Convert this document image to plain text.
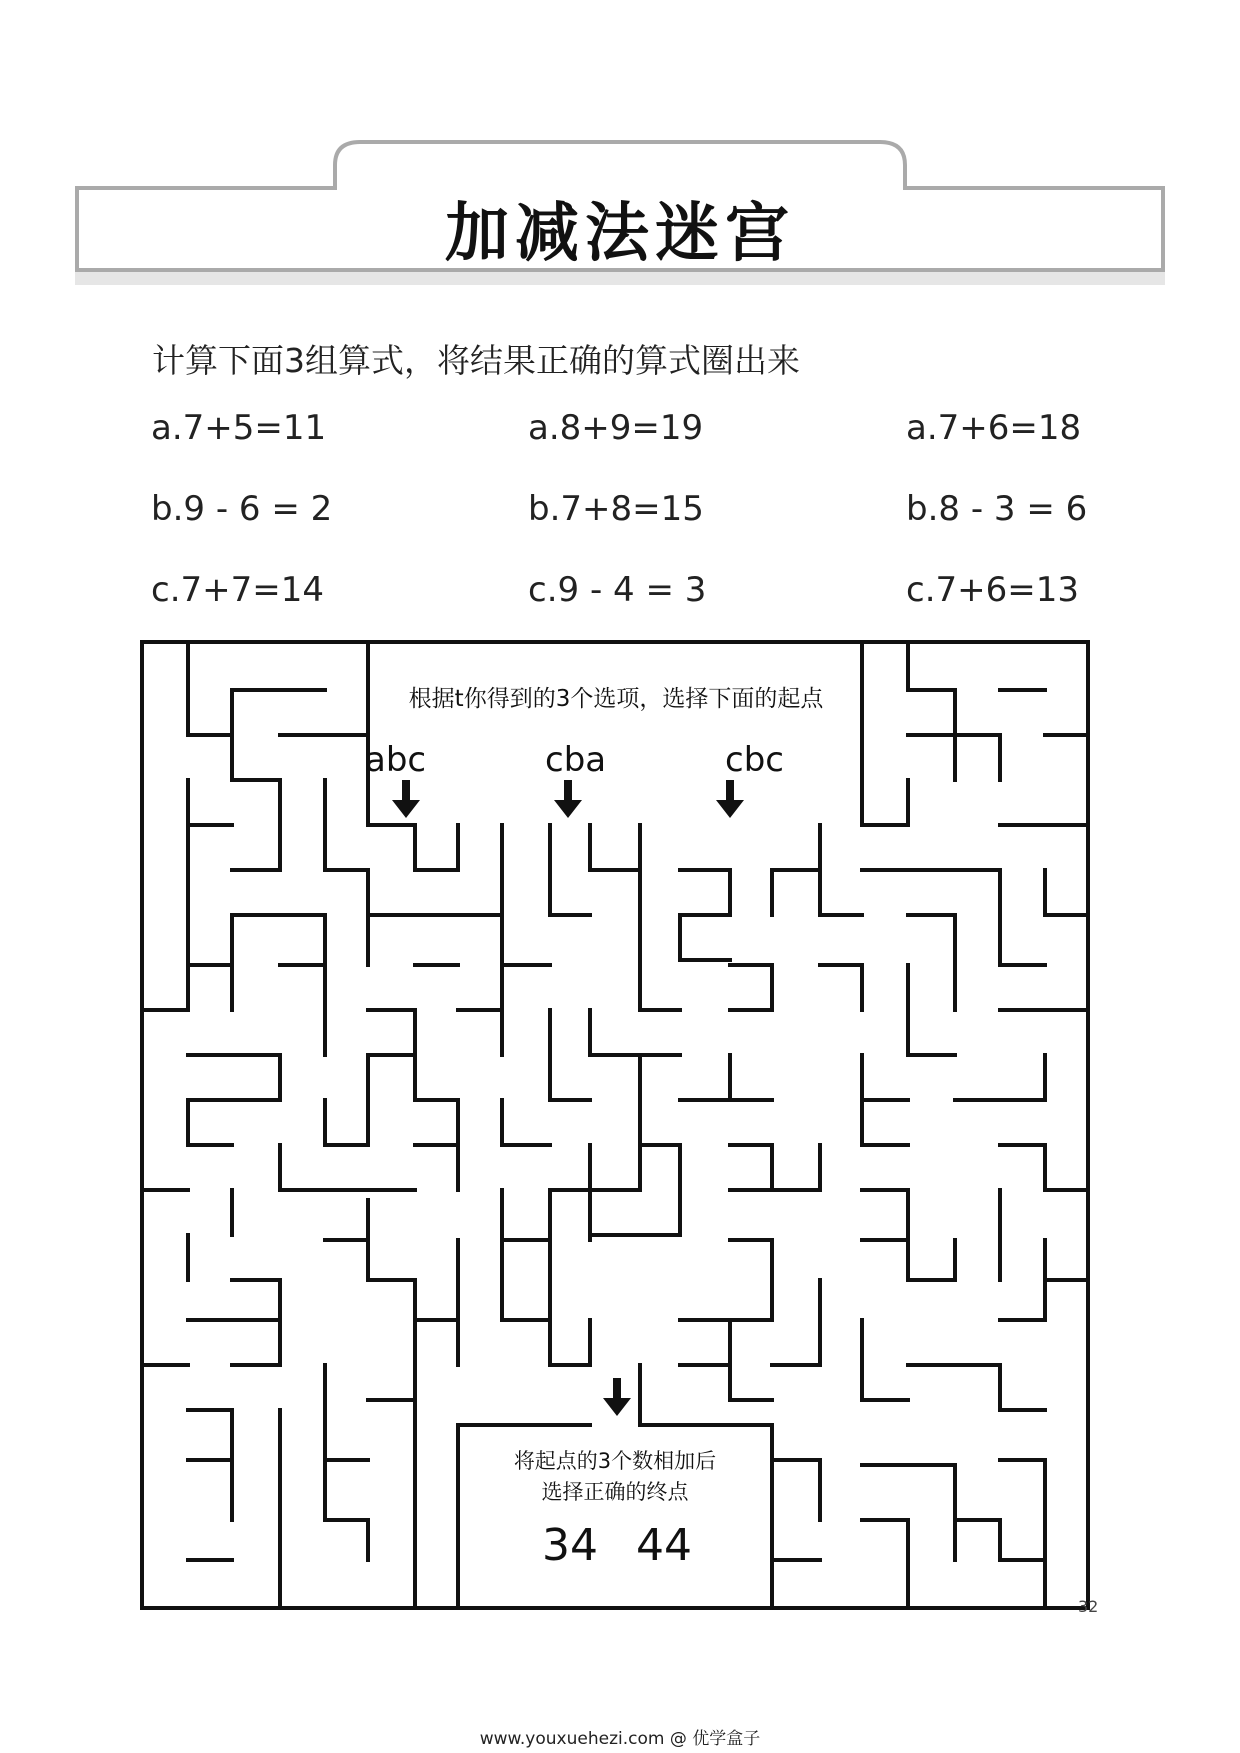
加减法迷宫
计算下面3组算式，将结果正确的算式圈出来
a.7+5=11
b.9 - 6 = 2
c.7+7=14
a.8+9=19
b.7+8=15
c.9 - 4 = 3
a.7+6=18
b.8 - 3 = 6
c.7+6=13
根据t你得到的3个选项，选择下面的起点
abc	cba	cbc
将起点的3个数相加后
选择正确的终点
34 44
32
www.youxuehezi.com @ 优学盒子
